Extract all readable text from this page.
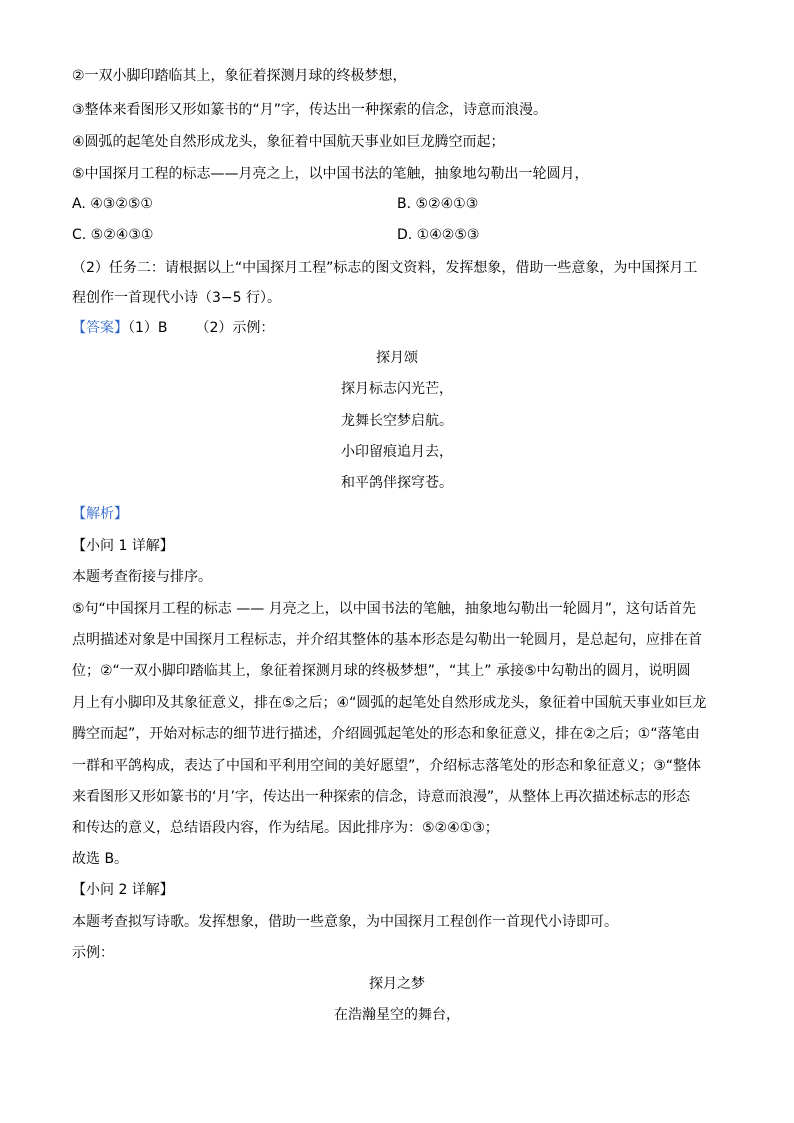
②一双小脚印踏临其上，象征着探测月球的终极梦想，
③整体来看图形又形如篆书的“月”字，传达出一种探索的信念，诗意而浪漫。
④圆弧的起笔处自然形成龙头，象征着中国航天事业如巨龙腾空而起；
⑤中国探月工程的标志——月亮之上，以中国书法的笔触，抽象地勾勒出一轮圆月，
A. ④③②⑤①	B. ⑤②④①③
C. ⑤②④③①	D. ①④②⑤③
（2）任务二：请根据以上“中国探月工程”标志的图文资料，发挥想象，借助一些意象，为中国探月工
程创作一首现代小诗（3−5 行）。
【答案】（1）B （2）示例：
探月颂
探月标志闪光芒，
龙舞长空梦启航。
小印留痕追月去，
和平鸽伴探穹苍。
【解析】
【小问 1 详解】
本题考查衔接与排序。
⑤句“中国探月工程的标志 —— 月亮之上，以中国书法的笔触，抽象地勾勒出一轮圆月”，这句话首先
点明描述对象是中国探月工程标志，并介绍其整体的基本形态是勾勒出一轮圆月，是总起句，应排在首
位；②“一双小脚印踏临其上，象征着探测月球的终极梦想”，“其上” 承接⑤中勾勒出的圆月，说明圆
月上有小脚印及其象征意义，排在⑤之后；④“圆弧的起笔处自然形成龙头，象征着中国航天事业如巨龙
腾空而起”，开始对标志的细节进行描述，介绍圆弧起笔处的形态和象征意义，排在②之后；①“落笔由
一群和平鸽构成，表达了中国和平利用空间的美好愿望”，介绍标志落笔处的形态和象征意义；③“整体
来看图形又形如篆书的‘月’字，传达出一种探索的信念，诗意而浪漫”，从整体上再次描述标志的形态
和传达的意义，总结语段内容，作为结尾。因此排序为：⑤②④①③；
故选 B。
【小问 2 详解】
本题考查拟写诗歌。发挥想象，借助一些意象，为中国探月工程创作一首现代小诗即可。
示例：
探月之梦
在浩瀚星空的舞台，
